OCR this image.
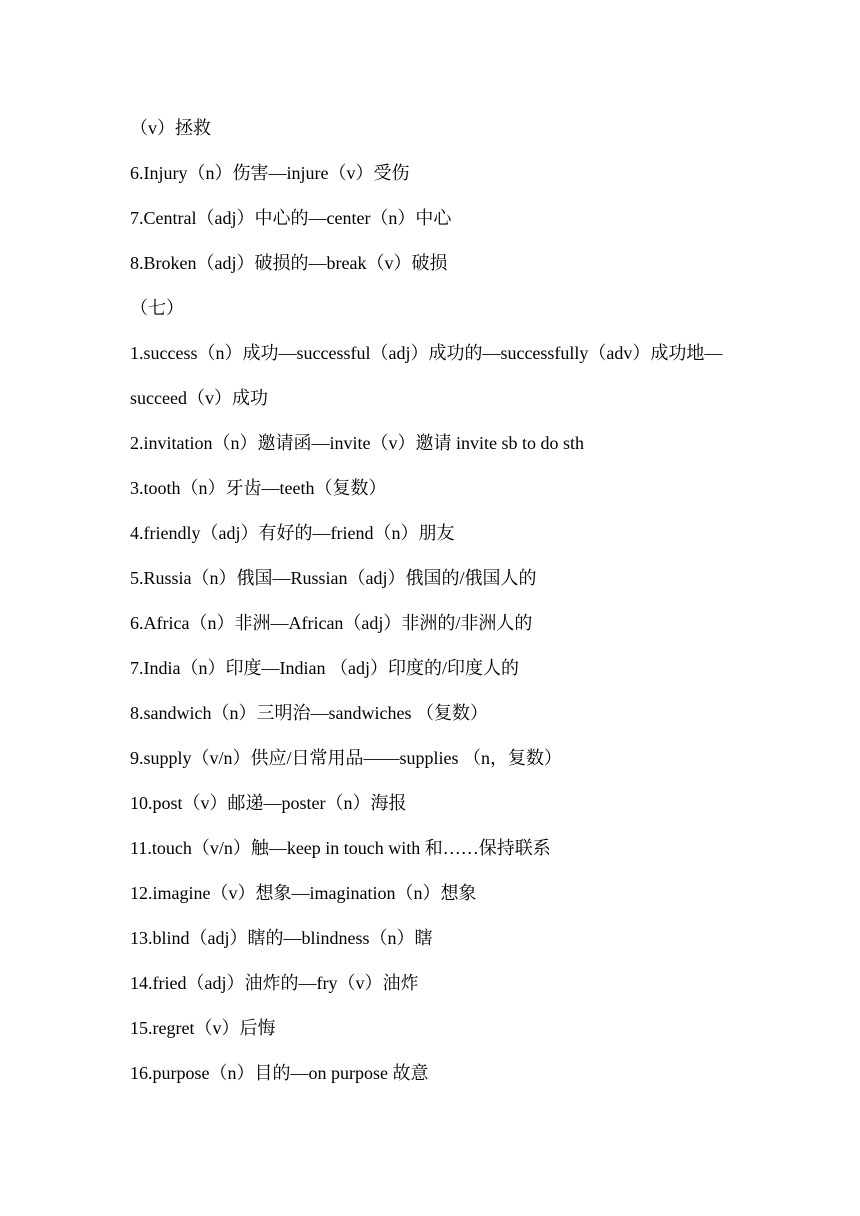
（v）拯救
6.Injury（n）伤害—injure（v）受伤
7.Central（adj）中心的—center（n）中心
8.Broken（adj）破损的—break（v）破损
（七）
1.success（n）成功—successful（adj）成功的—successfully（adv）成功地—succeed（v）成功
2.invitation（n）邀请函—invite（v）邀请 invite sb to do sth
3.tooth（n）牙齿—teeth（复数）
4.friendly（adj）有好的—friend（n）朋友
5.Russia（n）俄国—Russian（adj）俄国的/俄国人的
6.Africa（n）非洲—African（adj）非洲的/非洲人的
7.India（n）印度—Indian （adj）印度的/印度人的
8.sandwich（n）三明治—sandwiches （复数）
9.supply（v/n）供应/日常用品——supplies （n，复数）
10.post（v）邮递—poster（n）海报
11.touch（v/n）触—keep in touch with 和……保持联系
12.imagine（v）想象—imagination（n）想象
13.blind（adj）瞎的—blindness（n）瞎
14.fried（adj）油炸的—fry（v）油炸
15.regret（v）后悔
16.purpose（n）目的—on purpose 故意
